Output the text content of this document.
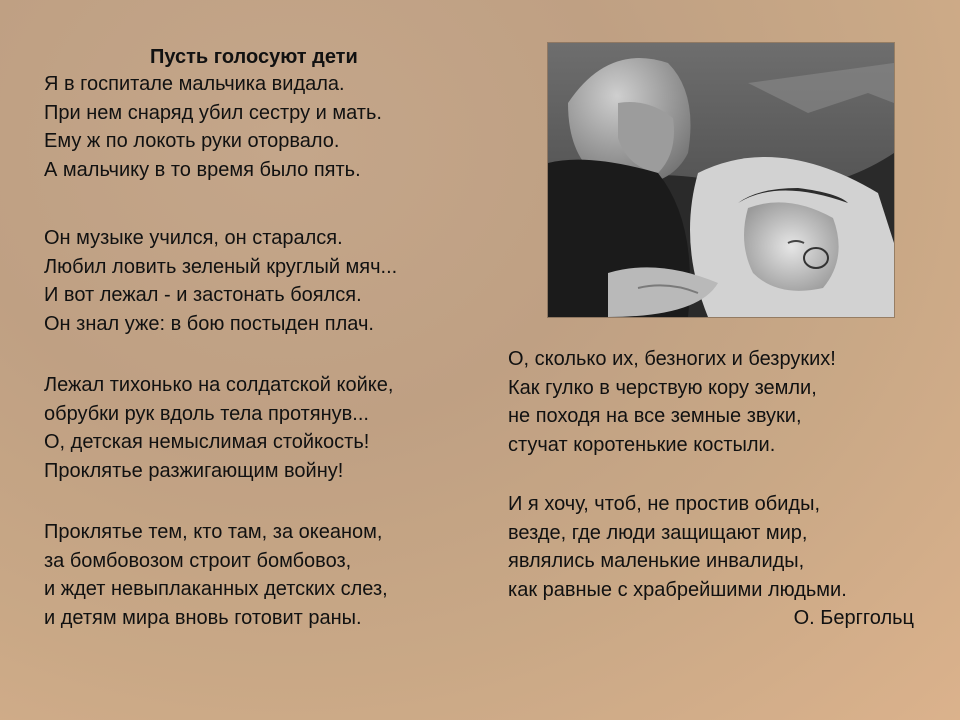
Пусть голосуют дети
Я в госпитале мальчика видала.
При нем снаряд убил сестру и мать.
Ему ж по локоть руки оторвало.
А мальчику в то время было пять.
Он музыке учился, он старался.
Любил ловить зеленый круглый мяч...
И вот лежал - и застонать боялся.
Он знал уже: в бою постыден плач.
Лежал тихонько на солдатской койке,
обрубки рук вдоль тела протянув...
О, детская немыслимая стойкость!
Проклятье разжигающим войну!
Проклятье тем, кто там, за океаном,
за бомбовозом строит бомбовоз,
и ждет невыплаканных детских слез,
и детям мира вновь готовит раны.
О, сколько их, безногих и безруких!
Как гулко в черствую кору земли,
не походя на все земные звуки,
стучат коротенькие костыли.
И я хочу, чтоб, не простив обиды,
везде, где люди защищают мир,
являлись маленькие инвалиды,
как равные с храбрейшими людьми.
О. Берггольц
